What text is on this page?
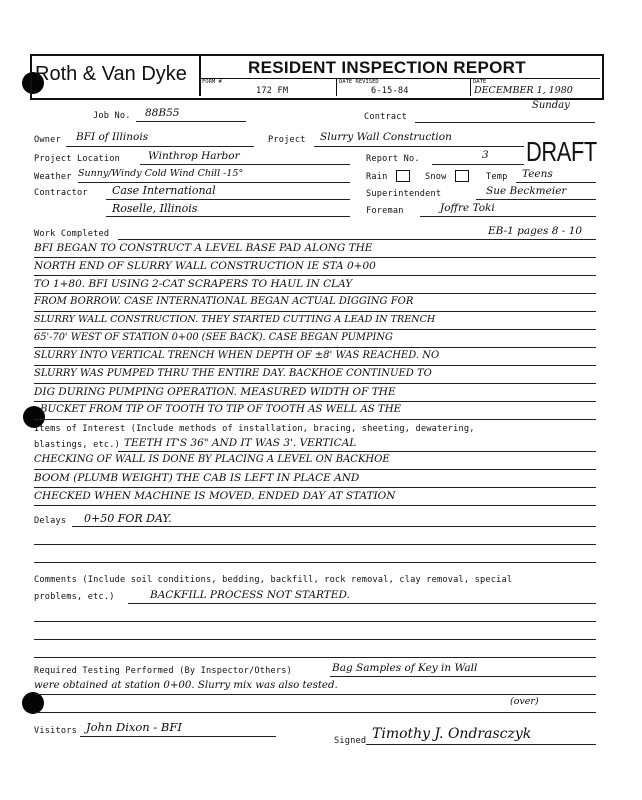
Roth & Van Dyke	RESIDENT INSPECTION REPORT
FORM #
172 FM
DATE REVISED
6-15-84
DATE
DECEMBER 1, 1980
Sunday
DRAFT
Job No. 88B55	Contract
Owner BFI of Illinois	Project Slurry Wall Construction
Project Location	Winthrop Harbor	Report No.	3
Weather Sunny/Windy Cold Wind Chill -15°	Rain	Snow	Temp Teens
Contractor Case International
Roselle, Illinois
Superintendent	Sue Beckmeier
Foreman	Joffre Toki
Work Completed	EB-1 pages 8 - 10
BFI BEGAN TO CONSTRUCT A LEVEL BASE PAD ALONG THE
NORTH END OF SLURRY WALL CONSTRUCTION IE STA 0+00
TO 1+80. BFI USING 2-CAT SCRAPERS TO HAUL IN CLAY
FROM BORROW. CASE INTERNATIONAL BEGAN ACTUAL DIGGING FOR
SLURRY WALL CONSTRUCTION. THEY STARTED CUTTING A LEAD IN TRENCH
65'-70' WEST OF STATION 0+00 (SEE BACK). CASE BEGAN PUMPING
SLURRY INTO VERTICAL TRENCH WHEN DEPTH OF ±8' WAS REACHED. NO
SLURRY WAS PUMPED THRU THE ENTIRE DAY. BACKHOE CONTINUED TO
DIG DURING PUMPING OPERATION. MEASURED WIDTH OF THE
BUCKET FROM TIP OF TOOTH TO TIP OF TOOTH AS WELL AS THE
Items of Interest (Include methods of installation, bracing, sheeting, dewatering,
blastings, etc.) TEETH IT'S 36" AND IT WAS 3'. VERTICAL
CHECKING OF WALL IS DONE BY PLACING A LEVEL ON BACKHOE
BOOM (PLUMB WEIGHT) THE CAB IS LEFT IN PLACE AND
CHECKED WHEN MACHINE IS MOVED. ENDED DAY AT STATION
Delays 0+50 FOR DAY.
Comments (Include soil conditions, bedding, backfill, rock removal, clay removal, special
problems, etc.)	BACKFILL PROCESS NOT STARTED.
Required Testing Performed (By Inspector/Others)	Bag Samples of Key in Wall
were obtained at station 0+00. Slurry mix was also tested.
(over)
Visitors John Dixon - BFI
Signed Timothy J. Ondrasczyk
